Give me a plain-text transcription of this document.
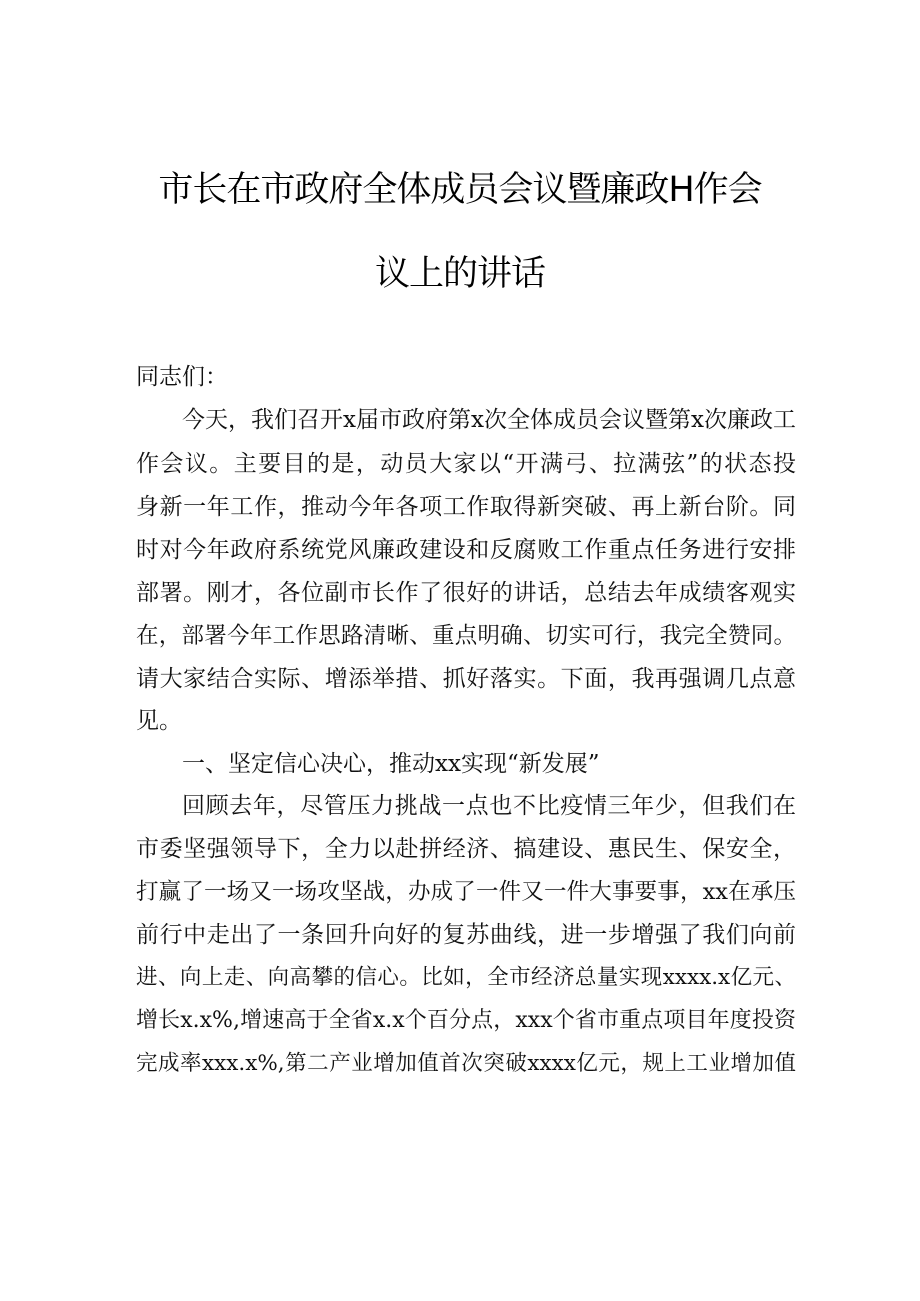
市长在市政府全体成员会议暨廉政H作会
议上的讲话

同志们：

今天，我们召开x届市政府第x次全体成员会议暨第x次廉政工

作会议。主要目的是，动员大家以“开满弓、拉满弦”的状态投

身新一年工作，推动今年各项工作取得新突破、再上新台阶。同

时对今年政府系统党风廉政建设和反腐败工作重点任务进行安排

部署。刚才，各位副市长作了很好的讲话，总结去年成绩客观实

在，部署今年工作思路清晰、重点明确、切实可行，我完全赞同。

请大家结合实际、增添举措、抓好落实。下面，我再强调几点意

见。

一、坚定信心决心，推动xx实现“新发展”

回顾去年，尽管压力挑战一点也不比疫情三年少，但我们在

市委坚强领导下，全力以赴拼经济、搞建设、惠民生、保安全，

打赢了一场又一场攻坚战，办成了一件又一件大事要事，xx在承压

前行中走出了一条回升向好的复苏曲线，进一步增强了我们向前

进、向上走、向高攀的信心。比如，全市经济总量实现xxxx.x亿元、

增长x.x%,增速高于全省x.x个百分点，xxx个省市重点项目年度投资

完成率xxx.x%,第二产业增加值首次突破xxxx亿元，规上工业增加值
